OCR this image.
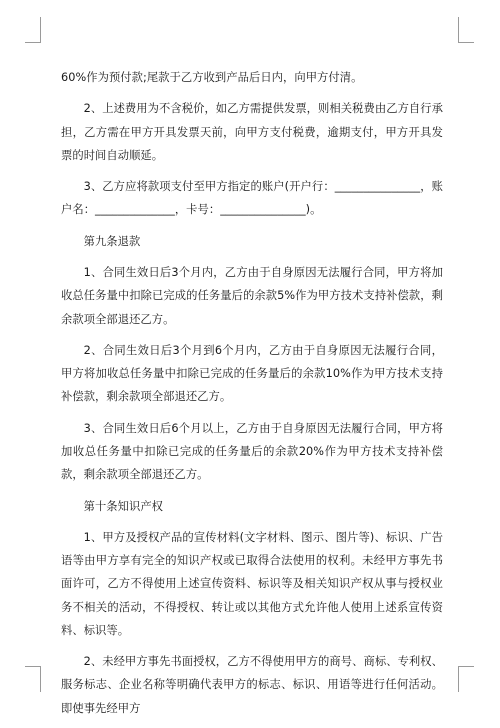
60%作为预付款;尾款于乙方收到产品后日内，向甲方付清。

2、上述费用为不含税价，如乙方需提供发票，则相关税费由乙方自行承担，乙方需在甲方开具发票天前，向甲方支付税费，逾期支付，甲方开具发票的时间自动顺延。

3、乙方应将款项支付至甲方指定的账户(开户行：_______________，账户名：______________，卡号：_______________)。

第九条退款

1、合同生效日后3个月内，乙方由于自身原因无法履行合同，甲方将加收总任务量中扣除已完成的任务量后的余款5%作为甲方技术支持补偿款，剩余款项全部退还乙方。

2、合同生效日后3个月到6个月内，乙方由于自身原因无法履行合同，甲方将加收总任务量中扣除已完成的任务量后的余款10%作为甲方技术支持补偿款，剩余款项全部退还乙方。

3、合同生效日后6个月以上，乙方由于自身原因无法履行合同，甲方将加收总任务量中扣除已完成的任务量后的余款20%作为甲方技术支持补偿款，剩余款项全部退还乙方。

第十条知识产权

1、甲方及授权产品的宣传材料(文字材料、图示、图片等)、标识、广告语等由甲方享有完全的知识产权或已取得合法使用的权利。未经甲方事先书面许可，乙方不得使用上述宣传资料、标识等及相关知识产权从事与授权业务不相关的活动，不得授权、转让或以其他方式允许他人使用上述系宣传资料、标识等。

2、未经甲方事先书面授权，乙方不得使用甲方的商号、商标、专利权、服务标志、企业名称等明确代表甲方的标志、标识、用语等进行任何活动。即使事先经甲方
